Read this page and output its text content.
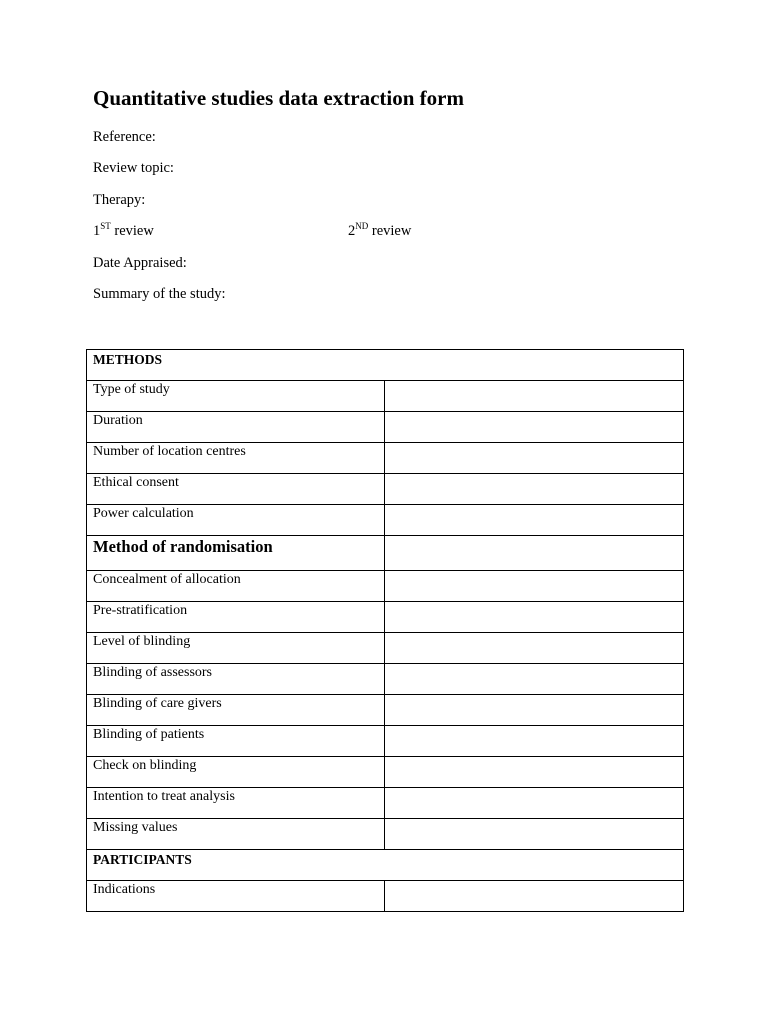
Quantitative studies data extraction form
Reference:
Review topic:
Therapy:
1ST review	2ND review
Date Appraised:
Summary of the study:
METHODS	

Type of study	

Duration	

Number of location centres	

Ethical consent	

Power calculation	

Method of randomisation	

Concealment of allocation	

Pre-stratification	

Level of blinding	

Blinding of assessors	

Blinding of care givers	

Blinding of patients	

Check on blinding	

Intention to treat analysis	

Missing values	

PARTICIPANTS	

Indications	
